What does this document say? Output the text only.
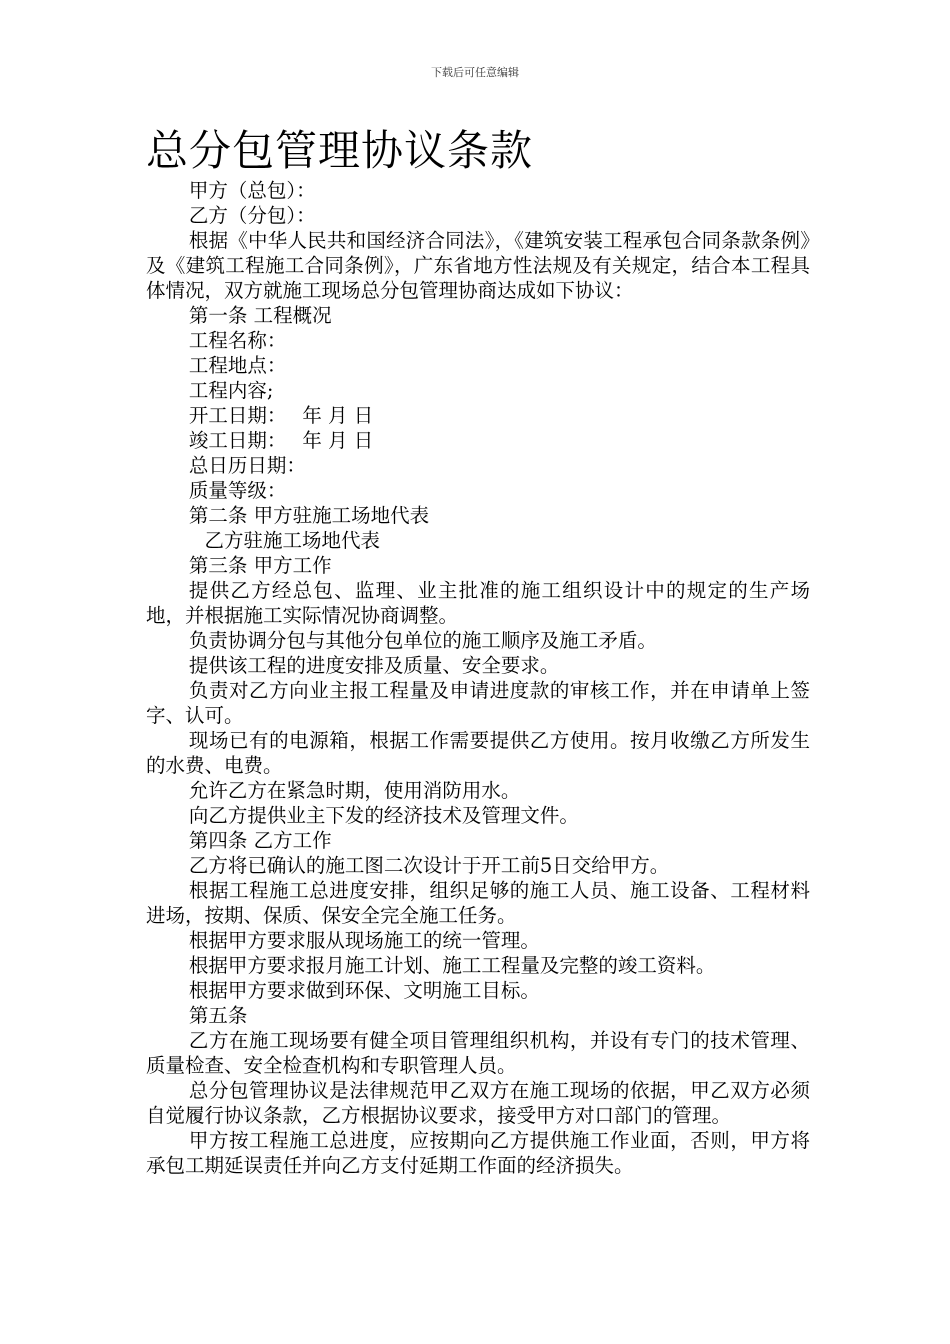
下载后可任意编辑
总分包管理协议条款

甲方（总包）：

乙方（分包）：

根据《中华人民共和国经济合同法》，《建筑安装工程承包合同条款条例》及《建筑工程施工合同条例》，广东省地方性法规及有关规定，结合本工程具体情况，双方就施工现场总分包管理协商达成如下协议：

第一条 工程概况

工程名称：

工程地点：

工程内容;

开工日期：　 年 月 日

竣工日期：　 年 月 日

总日历日期：

质量等级：

第二条 甲方驻施工场地代表

乙方驻施工场地代表

第三条 甲方工作

提供乙方经总包、监理、业主批准的施工组织设计中的规定的生产场地，并根据施工实际情况协商调整。

负责协调分包与其他分包单位的施工顺序及施工矛盾。

提供该工程的进度安排及质量、安全要求。

负责对乙方向业主报工程量及申请进度款的审核工作，并在申请单上签字、认可。

现场已有的电源箱，根据工作需要提供乙方使用。按月收缴乙方所发生的水费、电费。

允许乙方在紧急时期，使用消防用水。

向乙方提供业主下发的经济技术及管理文件。

第四条 乙方工作

乙方将已确认的施工图二次设计于开工前5日交给甲方。

根据工程施工总进度安排，组织足够的施工人员、施工设备、工程材料进场，按期、保质、保安全完全施工任务。

根据甲方要求服从现场施工的统一管理。

根据甲方要求报月施工计划、施工工程量及完整的竣工资料。

根据甲方要求做到环保、文明施工目标。

第五条

乙方在施工现场要有健全项目管理组织机构，并设有专门的技术管理、质量检查、安全检查机构和专职管理人员。

总分包管理协议是法律规范甲乙双方在施工现场的依据，甲乙双方必须自觉履行协议条款，乙方根据协议要求，接受甲方对口部门的管理。

甲方按工程施工总进度，应按期向乙方提供施工作业面，否则，甲方将承包工期延误责任并向乙方支付延期工作面的经济损失。
